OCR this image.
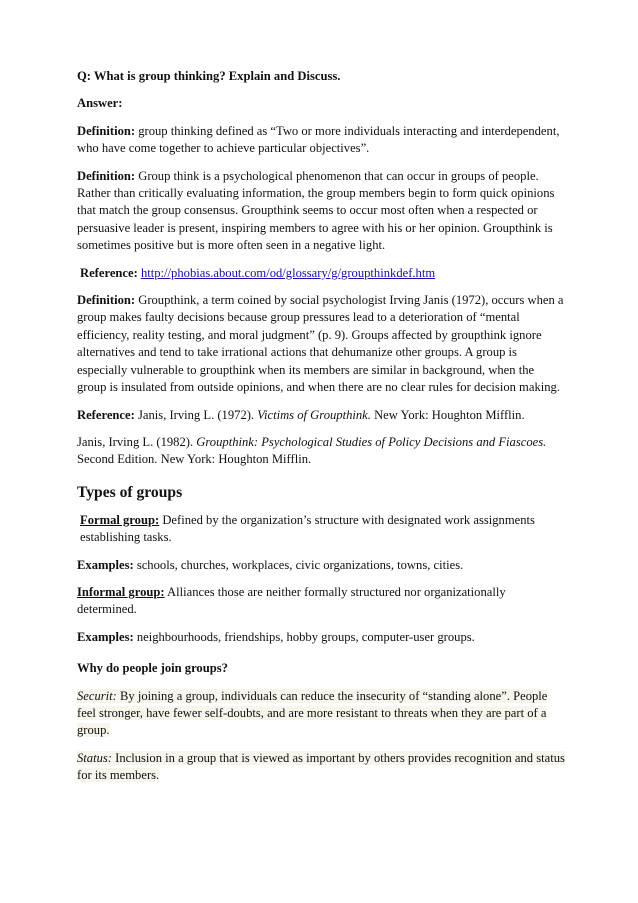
Q: What is group thinking? Explain and Discuss.

Answer:

Definition: group thinking defined as “Two or more individuals interacting and interdependent, who have come together to achieve particular objectives”.

Definition: Group think is a psychological phenomenon that can occur in groups of people. Rather than critically evaluating information, the group members begin to form quick opinions that match the group consensus. Groupthink seems to occur most often when a respected or persuasive leader is present, inspiring members to agree with his or her opinion. Groupthink is sometimes positive but is more often seen in a negative light.

Reference: http://phobias.about.com/od/glossary/g/groupthinkdef.htm

Definition: Groupthink, a term coined by social psychologist Irving Janis (1972), occurs when a group makes faulty decisions because group pressures lead to a deterioration of “mental efficiency, reality testing, and moral judgment” (p. 9). Groups affected by groupthink ignore alternatives and tend to take irrational actions that dehumanize other groups. A group is especially vulnerable to groupthink when its members are similar in background, when the group is insulated from outside opinions, and when there are no clear rules for decision making.

Reference: Janis, Irving L. (1972). Victims of Groupthink. New York: Houghton Mifflin.

Janis, Irving L. (1982). Groupthink: Psychological Studies of Policy Decisions and Fiascoes. Second Edition. New York: Houghton Mifflin.

Types of groups

Formal group: Defined by the organization’s structure with designated work assignments establishing tasks.

Examples: schools, churches, workplaces, civic organizations, towns, cities.

Informal group: Alliances those are neither formally structured nor organizationally determined.

Examples: neighbourhoods, friendships, hobby groups, computer-user groups.

Why do people join groups?

Securit: By joining a group, individuals can reduce the insecurity of “standing alone”. People feel stronger, have fewer self-doubts, and are more resistant to threats when they are part of a group.

Status: Inclusion in a group that is viewed as important by others provides recognition and status for its members.
